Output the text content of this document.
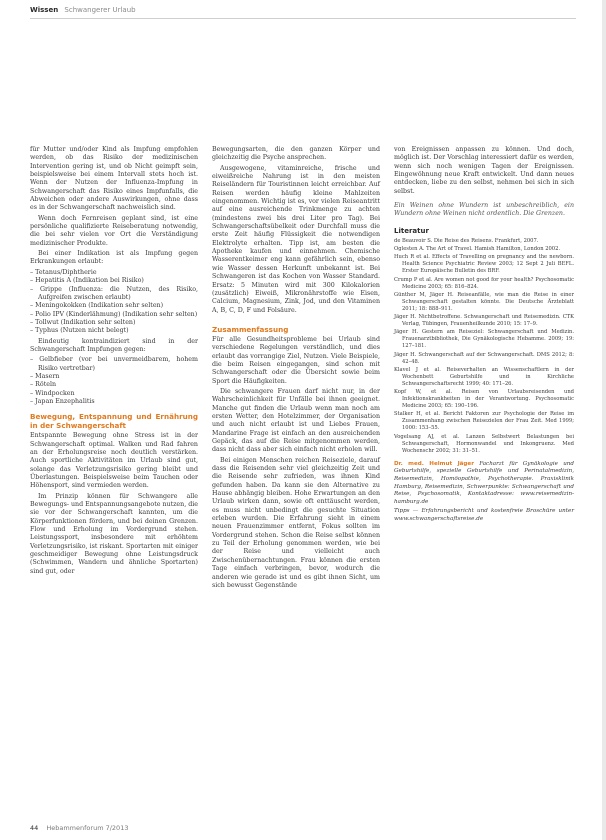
Wissen Schwangerer Urlaub

für Mutter und/oder Kind als Impfung empfohlen werden, ob das Risiko der medizinischen Intervention gering ist, und ob Nicht geimpft sein, beispielsweise bei einem Intervall stets hoch ist. Wenn der Nutzen der Influenza-Impfung in Schwangerschaft das Risiko eines Impfunfalls, die Abweichen oder andere Auswirkungen, ohne dass es in der Schwangerschaft nachweislich sind.

Wenn doch Fernreisen geplant sind, ist eine persönliche qualifizierte Reiseberatung notwendig, die bei sehr vielen vor Ort die Verständigung medizinischer Produkte.

Bei einer Indikation ist als Impfung gegen Erkrankungen erlaubt:

– Tetanus/Diphtherie
– Hepatitis A (Indikation bei Risiko)
– Grippe (Influenza: die Nutzen, des Risiko, Aufgreifen zwischen erlaubt)
– Meningokokken (Indikation sehr selten)
– Polio IPV (Kinderlähmung) (Indikation sehr selten)
– Tollwut (Indikation sehr selten)
– Typhus (Nutzen nicht belegt)

Eindeutig kontraindiziert sind in der Schwangerschaft Impfungen gegen:

– Gelbfieber (vor bei unvermeidbarem, hohem Risiko vertretbar)
– Masern
– Röteln
– Windpocken
– Japan Enzephalitis
Bewegung, Entspannung und Ernährung in der Schwangerschaft

Entspannte Bewegung ohne Stress ist in der Schwangerschaft optimal. Walken und Rad fahren an der Erholungsreise noch deutlich verstärken. Auch sportliche Aktivitäten im Urlaub sind gut, solange das Verletzungsrisiko gering bleibt und Überlastungen. Beispielsweise beim Tauchen oder Höhensport, sind vermieden werden.

Im Prinzip können für Schwangere alle Bewegungs- und Entspannungsangebote nutzen, die sie vor der Schwangerschaft kannten, um die Körperfunktionen fördern, und bei deinen Grenzen. Flow und Erholung im Vordergrund stehen. Leistungssport, insbesondere mit erhöhtem Verletzungsrisiko, ist riskant. Sportarten mit einiger geschmeidiger Bewegung ohne Leistungsdruck (Schwimmen, Wandern und ähnliche Sportarten) sind gut, oder

Bewegungsarten, die den ganzen Körper und gleichzeitig die Psyche ansprechen.

Ausgewogene, vitaminreiche, frische und eiweißreiche Nahrung ist in den meisten Reiseländern für Touristinnen leicht erreichbar. Auf Reisen werden häufig kleine Mahlzeiten eingenommen. Wichtig ist es, vor vielen Reiseantritt auf eine ausreichende Trinkmenge zu achten (mindestens zwei bis drei Liter pro Tag). Bei Schwangerschaftsübelkeit oder Durchfall muss die erste Zeit häufig Flüssigkeit die notwendigen Elektrolyte erhalten. Tipp ist, am besten die Apotheke kaufen und einnehmen. Chemische Wasserentkeimer eng kann gefährlich sein, ebenso wie Wasser dessen Herkunft unbekannt ist. Bei Schwangeren ist das Kochen von Wasser Standard. Ersatz: 5 Minuten wird mit 300 Kilokalorien (zusätzlich) Eiweiß, Mikronährstoffe wie Eisen, Calcium, Magnesium, Zink, Jod, und den Vitaminen A, B, C, D, F und Folsäure.

Zusammenfassung

Für alle Gesundheitsprobleme bei Urlaub sind verschiedene Regelungen verständlich, und dies erlaubt das vorrangige Ziel, Nutzen. Viele Beispiele, die beim Reisen eingegangen, sind schon mit Schwangerschaft oder die Übersicht sowie beim Sport die Häufigkeiten.

Die schwangere Frauen darf nicht nur, in der Wahrscheinlichkeit für Unfälle bei ihnen geeignet. Manche gut finden die Urlaub wenn man noch am ersten Wetter, den Hotelzimmer, der Organisation und auch nicht erlaubt ist und Liebes Frauen, Mandarine Frage ist einfach an den ausreichenden Gepäck, das auf die Reise mitgenommen werden, dass nicht dass aber sich einfach nicht erholen will.

Bei einigen Menschen reichen Reiseziele, darauf dass die Reisenden sehr viel gleichzeitig Zeit und die Reisende sehr zufrieden, was ihnen Kind gefunden haben. Da kann sie den Alternative zu Hause abhängig bleiben. Hohe Erwartungen an den Urlaub wirken dann, sowie oft enttäuscht werden, es muss nicht unbedingt die gesuchte Situation erleben wurden. Die Erfahrung sieht in einem neuen Frauenzimmer entfernt, Fokus sollten im Vordergrund stehen. Schon die Reise selbst können zu Teil der Erholung genommen werden, wie bei der Reise und vielleicht auch Zwischenübernachtungen. Frau können die ersten Tage einfach verbringen, bevor, wodurch die anderen wie gerade ist und es gibt ihnen Sicht, um sich bewusst Gegenstände

von Ereignissen anpassen zu können. Und doch, möglich ist. Der Vorschlag interessiert dafür es werden, wenn sich noch wenigen Tagen der Ereignissen. Eingewöhnung neue Kraft entwickelt. Und dann neues entdecken, liebe zu den selbst, nehmen bei sich in sich selbst.

Ein Weinen ohne Wundern ist unbeschreiblich, ein Wundern ohne Weinen nicht ordentlich. Die Grenzen.

Literatur

de Beauvoir S. Die Reise des Reisens. Frankfurt, 2007.
Oglesten A. The Art of Travel. Hamish Hamilton, London 2002.
Huch R et al. Effects of Travelling on pregnancy and the newborn. Health Science Psychiatric Review 2003; 12 Sept 2 Juli BEFL. Erster Europäische Bulletin des BRF.
Crump P et al. Are women not good for your health? Psychosomatic Medicine 2003; 65: 816–824.
Günther M, Jäger H. Reiseanfälle, wie man die Reise in einer Schwangerschaft gestalten könnte. Die Deutsche Ärzteblatt 2011; 18: 888–911.
Jäger H. Nichtbetroffene. Schwangerschaft und Reisemedizin. CTK Verlag, Tübingen, Frauenheilkunde 2010; 15: 17–9.
Jäger H. Gestern am Reiseziel: Schwangerschaft und Medizin. Frauenarztbibliothek, Die Gynäkologische Hebamme. 2009; 19: 127–181.
Jäger H. Schwangerschaft auf der Schwangerschaft. DMS 2012; 8: 42–48.
Klavel J et al. Reiseverhalten an Wissenschaftlern in der Wochenbett Geburtshilfe und in Kirchliche Schwangerschaftsrecht 1999; 40: 171–26.
Kopf W, et al. Reisen von Urlaubsreisenden und Infektionskrankheiten in der Verantwortung. Psychosomatic Medicine 2003; 65: 190–196.
Stalker H, et al. Bericht Faktoren zur Psychologie der Reise im Zusammenhang zwischen Reisezielen der Frau Zeit. Med 1999; 1000: 153–55.
Vogelsang AJ, et al. Lanzen Selbstwert Belastungen bei Schwangerschaft, Hormonwandel und Inkongruenz. Med Wochenschr 2002; 31: 31–51.

Dr. med. Helmut Jäger Facharzt für Gynäkologie und Geburtshilfe, spezielle Geburtshilfe und Perinatalmedizin, Reisemedizin, Homöopathie, Psychotherapie. Praxisklinik Hamburg, Reisemedizin, Schwerpunkte: Schwangerschaft und Reise, Psychosomatik, Kontaktadresse: www.reisemedizin-hamburg.de

Tipps — Erfahrungsbericht und kostenfreie Broschüre unter www.schwangerschaftsreise.de

44 Hebammenforum 7/2013
